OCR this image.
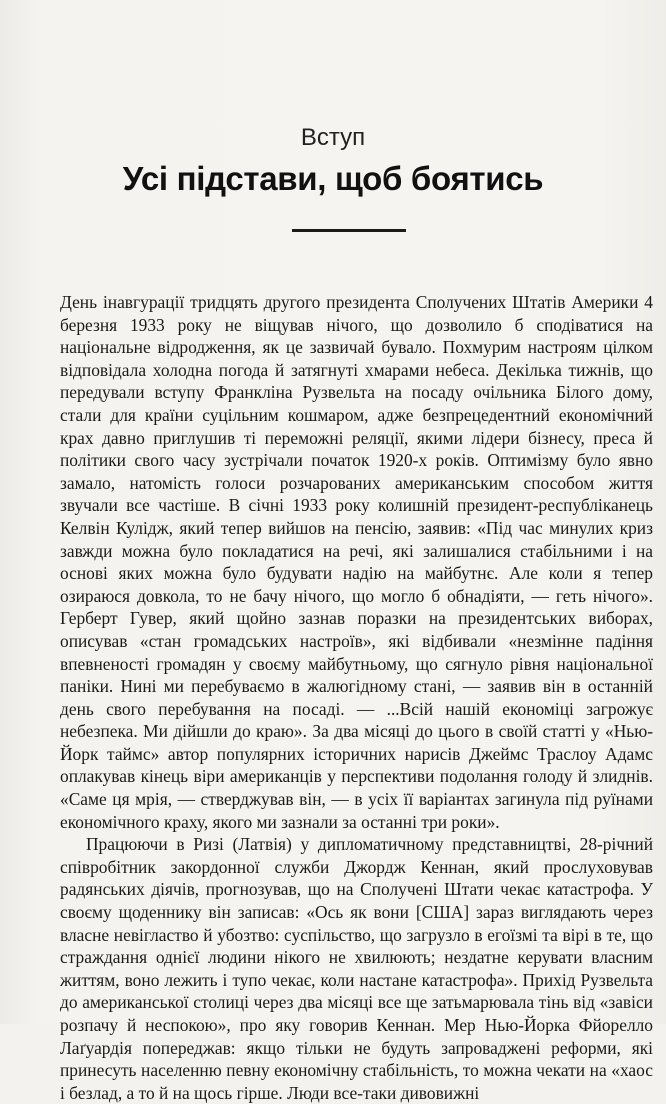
Вступ
Усі підстави, щоб боятись

День інавгурації тридцять другого президента Сполучених Штатів Америки 4 березня 1933 року не віщував нічого, що дозволило б сподіватися на національне відродження, як це зазвичай бувало. Похмурим настроям цілком відповідала холодна погода й затягнуті хмарами небеса. Декілька тижнів, що передували вступу Франкліна Рузвельта на посаду очільника Білого дому, стали для країни суцільним кошмаром, адже безпрецедентний економічний крах давно приглушив ті переможні реляції, якими лідери бізнесу, преса й політики свого часу зустрічали початок 1920-х років. Оптимізму було явно замало, натомість голоси розчарованих американським способом життя звучали все частіше. В січні 1933 року колишній президент-республіканець Келвін Кулідж, який тепер вийшов на пенсію, заявив: «Під час минулих криз завжди можна було покладатися на речі, які залишалися стабільними і на основі яких можна було будувати надію на майбутнє. Але коли я тепер озираюся довкола, то не бачу нічого, що могло б обнадіяти, — геть нічого». Герберт Гувер, який щойно зазнав поразки на президентських виборах, описував «стан громадських настроїв», які відбивали «незмінне падіння впевненості громадян у своєму майбутньому, що сягнуло рівня національної паніки. Нині ми перебуваємо в жалюгідному стані, — заявив він в останній день свого перебування на посаді. — ...Всій нашій економіці загрожує небезпека. Ми дійшли до краю». За два місяці до цього в своїй статті у «Нью-Йорк таймс» автор популярних історичних нарисів Джеймс Траслоу Адамс оплакував кінець віри американців у перспективи подолання голоду й злиднів. «Саме ця мрія, — стверджував він, — в усіх її варіантах загинула під руїнами економічного краху, якого ми зазнали за останні три роки».

Працюючи в Ризі (Латвія) у дипломатичному представництві, 28-річний співробітник закордонної служби Джордж Кеннан, який прослуховував радянських діячів, прогнозував, що на Сполучені Штати чекає катастрофа. У своєму щоденнику він записав: «Ось як вони [США] зараз виглядають через власне невігластво й убозтво: суспільство, що загрузло в егоїзмі та вірі в те, що страждання однієї людини нікого не хвилюють; нездатне керувати власним життям, воно лежить і тупо чекає, коли настане катастрофа». Прихід Рузвельта до американської столиці через два місяці все ще затьмарювала тінь від «завіси розпачу й неспокою», про яку говорив Кеннан. Мер Нью-Йорка Фйорелло Лаґуардія попереджав: якщо тільки не будуть запроваджені реформи, які принесуть населенню певну економічну стабільність, то можна чекати на «хаос і безлад, а то й на щось гірше. Люди все-таки дивовижні
